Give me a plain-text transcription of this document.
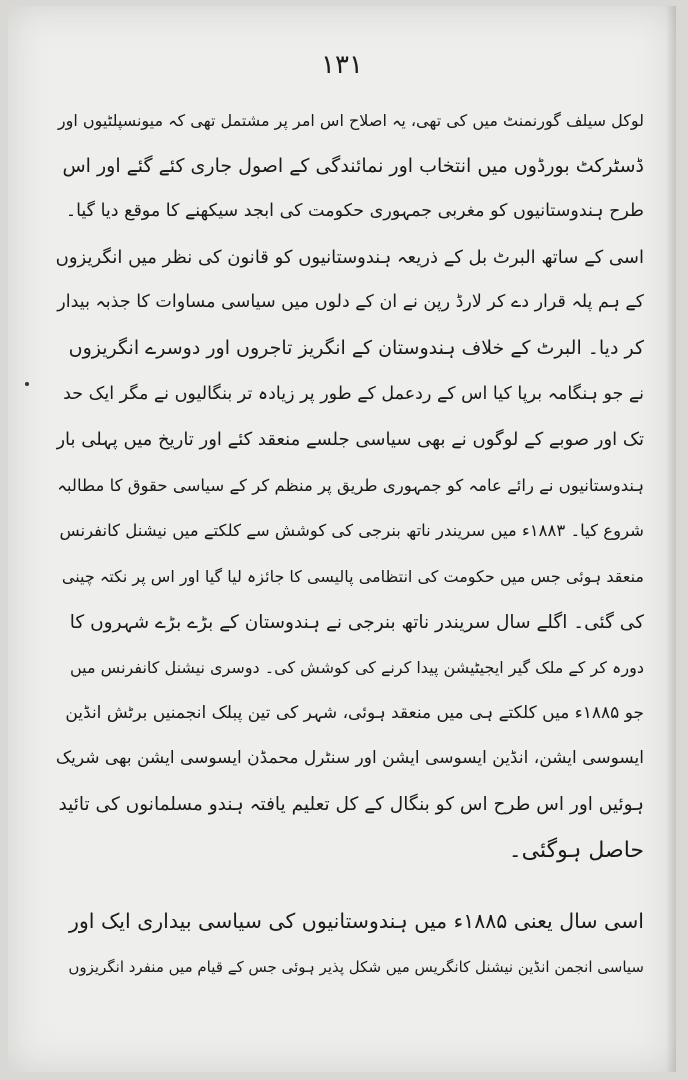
۱۳۱
لوکل سیلف گورنمنٹ میں کی تھی، یہ اصلاح اس امر پر مشتمل تھی کہ میونسپلٹیوں اور
ڈسٹرکٹ بورڈوں میں انتخاب اور نمائندگی کے اصول جاری کئے گئے اور اس
طرح ہندوستانیوں کو مغربی جمہوری حکومت کی ابجد سیکھنے کا موقع دیا گیا۔
اسی کے ساتھ البرٹ بل کے ذریعہ ہندوستانیوں کو قانون کی نظر میں انگریزوں
کے ہم پلہ قرار دے کر لارڈ رپن نے ان کے دلوں میں سیاسی مساوات کا جذبہ بیدار
کر دیا۔ البرٹ کے خلاف ہندوستان کے انگریز تاجروں اور دوسرے انگریزوں
نے جو ہنگامہ برپا کیا اس کے ردعمل کے طور پر زیادہ تر بنگالیوں نے مگر ایک حد
تک اور صوبے کے لوگوں نے بھی سیاسی جلسے منعقد کئے اور تاریخ میں پہلی بار
ہندوستانیوں نے رائے عامہ کو جمہوری طریق پر منظم کر کے سیاسی حقوق کا مطالبہ
شروع کیا۔ ۱۸۸۳ء میں سریندر ناتھ بنرجی کی کوشش سے کلکتے میں نیشنل کانفرنس
منعقد ہوئی جس میں حکومت کی انتظامی پالیسی کا جائزہ لیا گیا اور اس پر نکتہ چینی
کی گئی۔ اگلے سال سریندر ناتھ بنرجی نے ہندوستان کے بڑے بڑے شہروں کا
دورہ کر کے ملک گیر ایجیٹیشن پیدا کرنے کی کوشش کی۔ دوسری نیشنل کانفرنس میں
جو ۱۸۸۵ء میں کلکتے ہی میں منعقد ہوئی، شہر کی تین پبلک انجمنیں برٹش انڈین
ایسوسی ایشن، انڈین ایسوسی ایشن اور سنٹرل محمڈن ایسوسی ایشن بھی شریک
ہوئیں اور اس طرح اس کو بنگال کے کل تعلیم یافتہ ہندو مسلمانوں کی تائید
حاصل ہوگئی۔
اسی سال یعنی ۱۸۸۵ء میں ہندوستانیوں کی سیاسی بیداری ایک اور
سیاسی انجمن انڈین نیشنل کانگریس میں شکل پذیر ہوئی جس کے قیام میں منفرد انگریزوں
